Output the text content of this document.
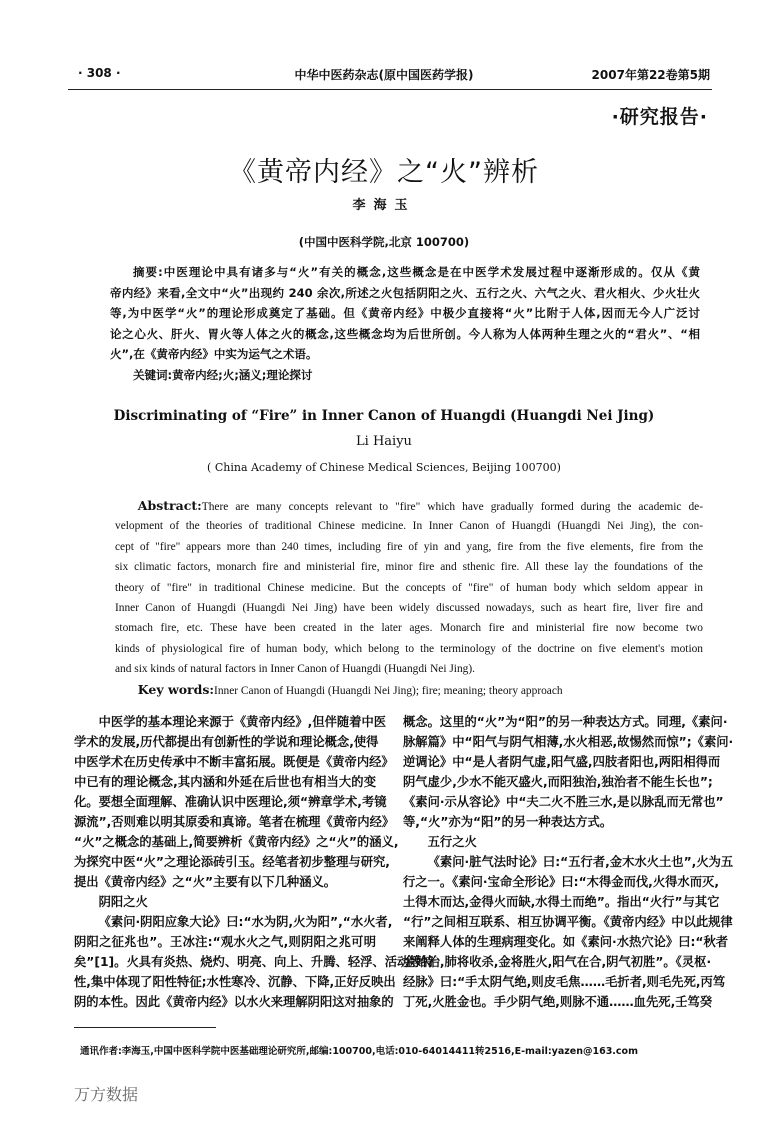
· 308 ·	中华中医药杂志(原中国医药学报)	2007年第22卷第5期
·研究报告·
《黄帝内经》之“火”辨析
李海玉
(中国中医科学院,北京 100700)
摘要:中医理论中具有诸多与“火”有关的概念,这些概念是在中医学术发展过程中逐渐形成的。仅从《黄
帝内经》来看,全文中“火”出现约 240 余次,所述之火包括阴阳之火、五行之火、六气之火、君火相火、少火壮火
等,为中医学“火”的理论形成奠定了基础。但《黄帝内经》中极少直接将“火”比附于人体,因而无今人广泛讨
论之心火、肝火、胃火等人体之火的概念,这些概念均为后世所创。今人称为人体两种生理之火的“君火”、“相
火”,在《黄帝内经》中实为运气之术语。
关键词:黄帝内经;火;涵义;理论探讨
Discriminating of “Fire” in Inner Canon of Huangdi (Huangdi Nei Jing)
Li Haiyu
( China Academy of Chinese Medical Sciences, Beijing 100700)
Abstract:There are many concepts relevant to "fire" which have gradually formed during the academic de-
velopment of the theories of traditional Chinese medicine. In Inner Canon of Huangdi (Huangdi Nei Jing), the con-
cept of "fire" appears more than 240 times, including fire of yin and yang, fire from the five elements, fire from the
six climatic factors, monarch fire and ministerial fire, minor fire and sthenic fire. All these lay the foundations of the
theory of "fire" in traditional Chinese medicine. But the concepts of "fire" of human body which seldom appear in
Inner Canon of Huangdi (Huangdi Nei Jing) have been widely discussed nowadays, such as heart fire, liver fire and
stomach fire, etc. These have been created in the later ages. Monarch fire and ministerial fire now become two
kinds of physiological fire of human body, which belong to the terminology of the doctrine on five element's motion
and six kinds of natural factors in Inner Canon of Huangdi (Huangdi Nei Jing).
Key words:Inner Canon of Huangdi (Huangdi Nei Jing); fire; meaning; theory approach
中医学的基本理论来源于《黄帝内经》,但伴随着中医
学术的发展,历代都提出有创新性的学说和理论概念,使得
中医学术在历史传承中不断丰富拓展。既便是《黄帝内经》
中已有的理论概念,其内涵和外延在后世也有相当大的变
化。要想全面理解、准确认识中医理论,须“辨章学术,考镜
源流”,否则难以明其原委和真谛。笔者在梳理《黄帝内经》
“火”之概念的基础上,简要辨析《黄帝内经》之“火”的涵义,
为探究中医“火”之理论添砖引玉。经笔者初步整理与研究,
提出《黄帝内经》之“火”主要有以下几种涵义。
阴阳之火
《素问·阴阳应象大论》曰:“水为阴,火为阳”,“水火者,
阴阳之征兆也”。王冰注:“观水火之气,则阴阳之兆可明
矣”[1]。火具有炎热、烧灼、明亮、向上、升腾、轻浮、活动等特
性,集中体现了阳性特征;水性寒冷、沉静、下降,正好反映出
阴的本性。因此《黄帝内经》以水火来理解阴阳这对抽象的
概念。这里的“火”为“阳”的另一种表达方式。同理,《素问·
脉解篇》中“阳气与阴气相薄,水火相恶,故惕然而惊”;《素问·
逆调论》中“是人者阴气虚,阳气盛,四肢者阳也,两阳相得而
阴气虚少,少水不能灭盛火,而阳独治,独治者不能生长也”;
《素问·示从容论》中“夫二火不胜三水,是以脉乱而无常也”
等,“火”亦为“阳”的另一种表达方式。
五行之火
《素问·脏气法时论》曰:“五行者,金木水火土也”,火为五
行之一。《素问·宝命全形论》曰:“木得金而伐,火得水而灭,
土得木而达,金得火而缺,水得土而绝”。指出“火行”与其它
“行”之间相互联系、相互协调平衡。《黄帝内经》中以此规律
来阐释人体的生理病理变化。如《素问·水热穴论》曰:“秋者
金始治,肺将收杀,金将胜火,阳气在合,阴气初胜”。《灵枢·
经脉》曰:“手太阴气绝,则皮毛焦……毛折者,则毛先死,丙笃
丁死,火胜金也。手少阴气绝,则脉不通……血先死,壬笃癸
通讯作者:李海玉,中国中医科学院中医基础理论研究所,邮编:100700,电话:010-64014411转2516,E-mail:yazen@163.com
万方数据
